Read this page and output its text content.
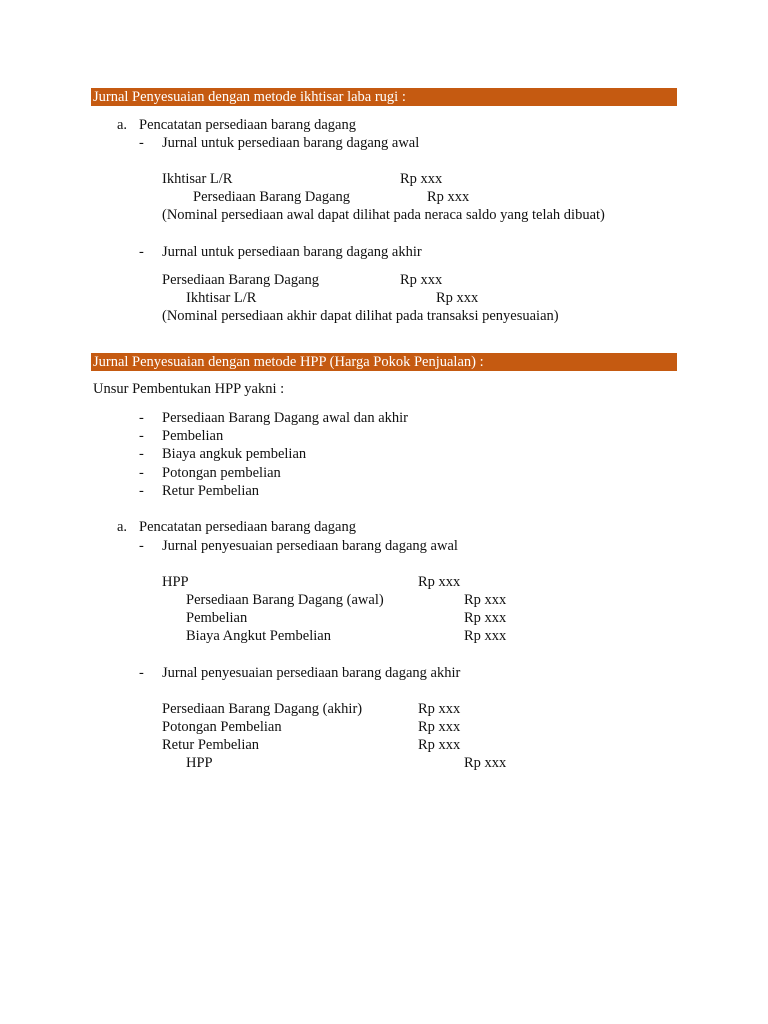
Jurnal Penyesuaian dengan metode ikhtisar laba rugi :
a. Pencatatan persediaan barang dagang
- Jurnal untuk persediaan barang dagang awal
Ikhtisar L/R	Rp xxx
Persediaan Barang Dagang	Rp xxx
(Nominal persediaan awal dapat dilihat pada neraca saldo yang telah dibuat)
- Jurnal untuk persediaan barang dagang akhir
Persediaan Barang Dagang	Rp xxx
Ikhtisar L/R	Rp xxx
(Nominal persediaan akhir dapat dilihat pada transaksi penyesuaian)
Jurnal Penyesuaian dengan metode HPP (Harga Pokok Penjualan) :
Unsur Pembentukan HPP yakni :
- Persediaan Barang Dagang awal dan akhir
- Pembelian
- Biaya angkuk pembelian
- Potongan pembelian
- Retur Pembelian
a. Pencatatan persediaan barang dagang
- Jurnal penyesuaian persediaan barang dagang awal
HPP	Rp xxx
Persediaan Barang Dagang (awal)	Rp xxx
Pembelian	Rp xxx
Biaya Angkut Pembelian	Rp xxx
- Jurnal penyesuaian persediaan barang dagang akhir
Persediaan Barang Dagang (akhir)	Rp xxx
Potongan Pembelian	Rp xxx
Retur Pembelian	Rp xxx
HPP	Rp xxx
